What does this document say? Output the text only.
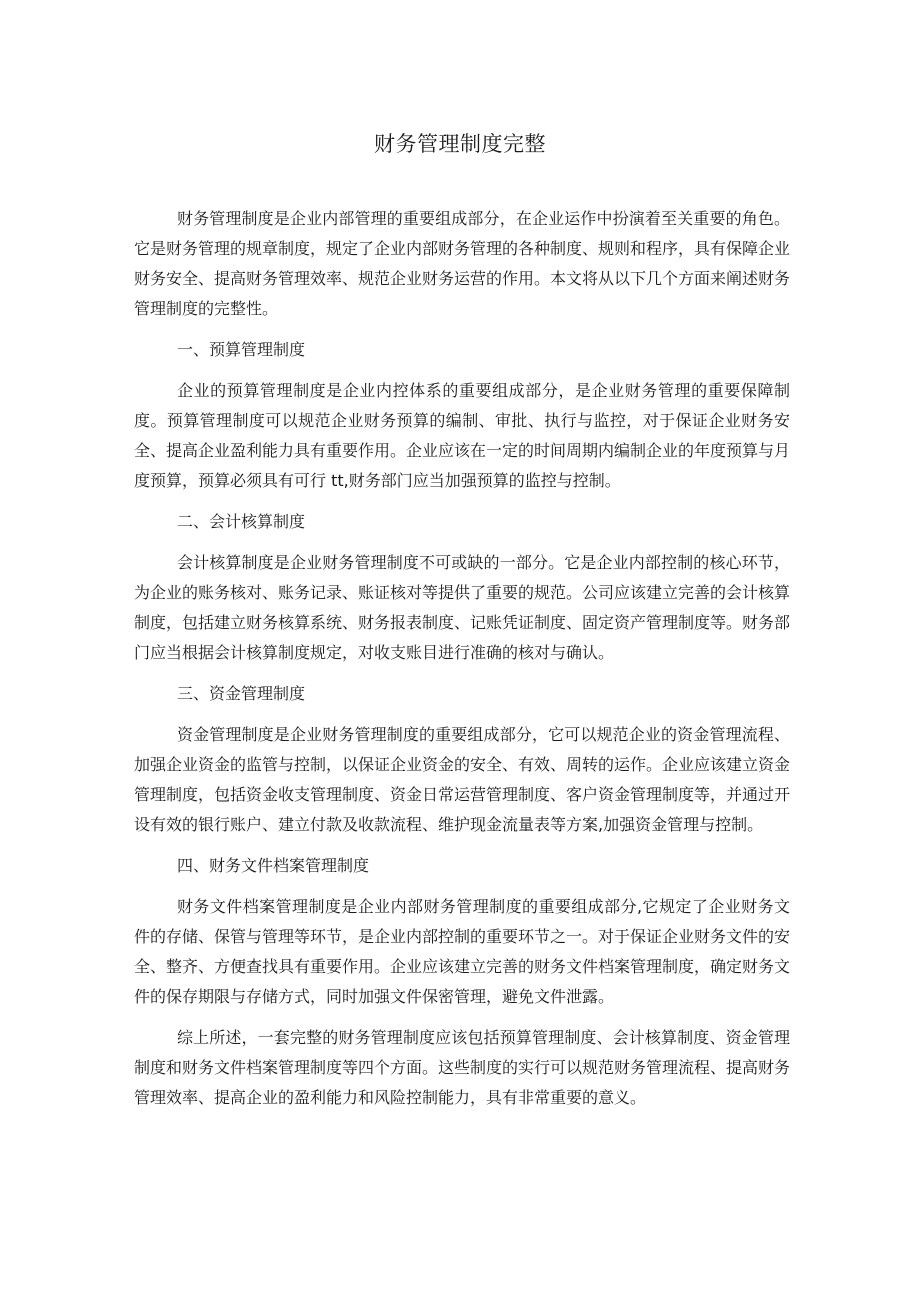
财务管理制度完整

财务管理制度是企业内部管理的重要组成部分，在企业运作中扮演着至关重要的角色。它是财务管理的规章制度，规定了企业内部财务管理的各种制度、规则和程序，具有保障企业财务安全、提高财务管理效率、规范企业财务运营的作用。本文将从以下几个方面来阐述财务管理制度的完整性。

一、预算管理制度

企业的预算管理制度是企业内控体系的重要组成部分，是企业财务管理的重要保障制度。预算管理制度可以规范企业财务预算的编制、审批、执行与监控，对于保证企业财务安全、提高企业盈利能力具有重要作用。企业应该在一定的时间周期内编制企业的年度预算与月度预算，预算必须具有可行 tt,财务部门应当加强预算的监控与控制。

二、会计核算制度

会计核算制度是企业财务管理制度不可或缺的一部分。它是企业内部控制的核心环节，为企业的账务核对、账务记录、账证核对等提供了重要的规范。公司应该建立完善的会计核算制度，包括建立财务核算系统、财务报表制度、记账凭证制度、固定资产管理制度等。财务部门应当根据会计核算制度规定，对收支账目进行准确的核对与确认。

三、资金管理制度

资金管理制度是企业财务管理制度的重要组成部分，它可以规范企业的资金管理流程、加强企业资金的监管与控制，以保证企业资金的安全、有效、周转的运作。企业应该建立资金管理制度，包括资金收支管理制度、资金日常运营管理制度、客户资金管理制度等，并通过开设有效的银行账户、建立付款及收款流程、维护现金流量表等方案,加强资金管理与控制。

四、财务文件档案管理制度

财务文件档案管理制度是企业内部财务管理制度的重要组成部分,它规定了企业财务文件的存储、保管与管理等环节，是企业内部控制的重要环节之一。对于保证企业财务文件的安全、整齐、方便查找具有重要作用。企业应该建立完善的财务文件档案管理制度，确定财务文件的保存期限与存储方式，同时加强文件保密管理，避免文件泄露。

综上所述，一套完整的财务管理制度应该包括预算管理制度、会计核算制度、资金管理制度和财务文件档案管理制度等四个方面。这些制度的实行可以规范财务管理流程、提高财务管理效率、提高企业的盈利能力和风险控制能力，具有非常重要的意义。
